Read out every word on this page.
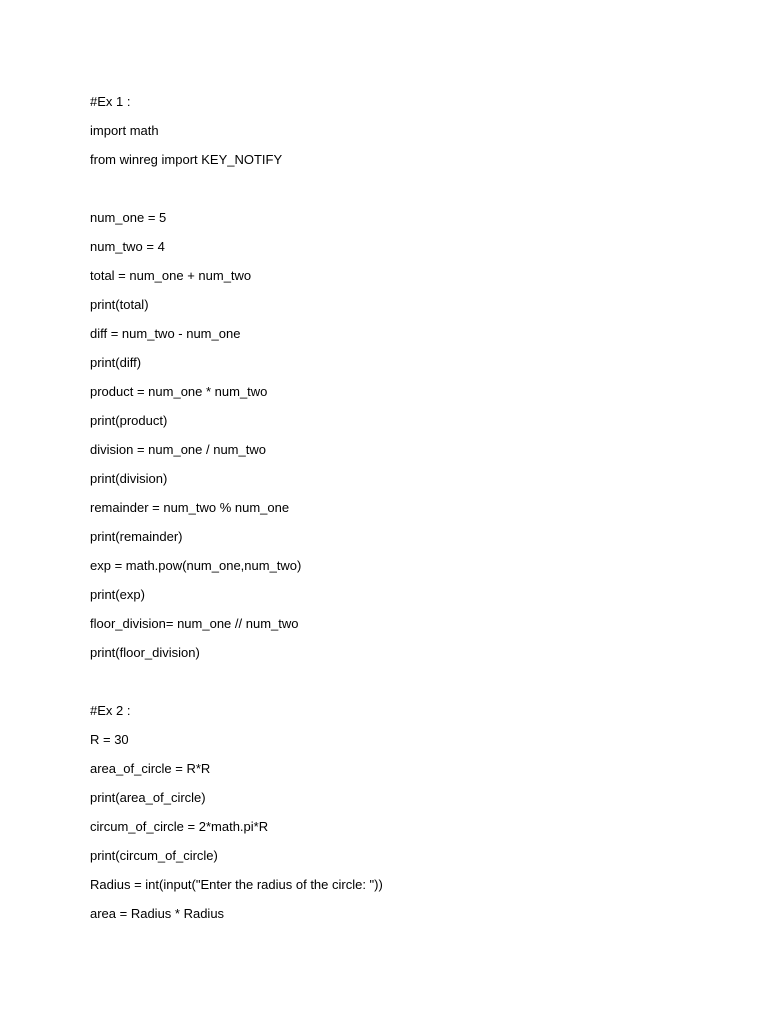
#Ex 1 :

import math

from winreg import KEY_NOTIFY

num_one = 5

num_two = 4

total = num_one + num_two

print(total)

diff = num_two - num_one

print(diff)

product = num_one * num_two

print(product)

division = num_one / num_two

print(division)

remainder = num_two % num_one

print(remainder)

exp = math.pow(num_one,num_two)

print(exp)

floor_division= num_one // num_two

print(floor_division)

#Ex 2 :

R = 30

area_of_circle = R*R

print(area_of_circle)

circum_of_circle = 2*math.pi*R

print(circum_of_circle)

Radius = int(input("Enter the radius of the circle: "))

area = Radius * Radius
